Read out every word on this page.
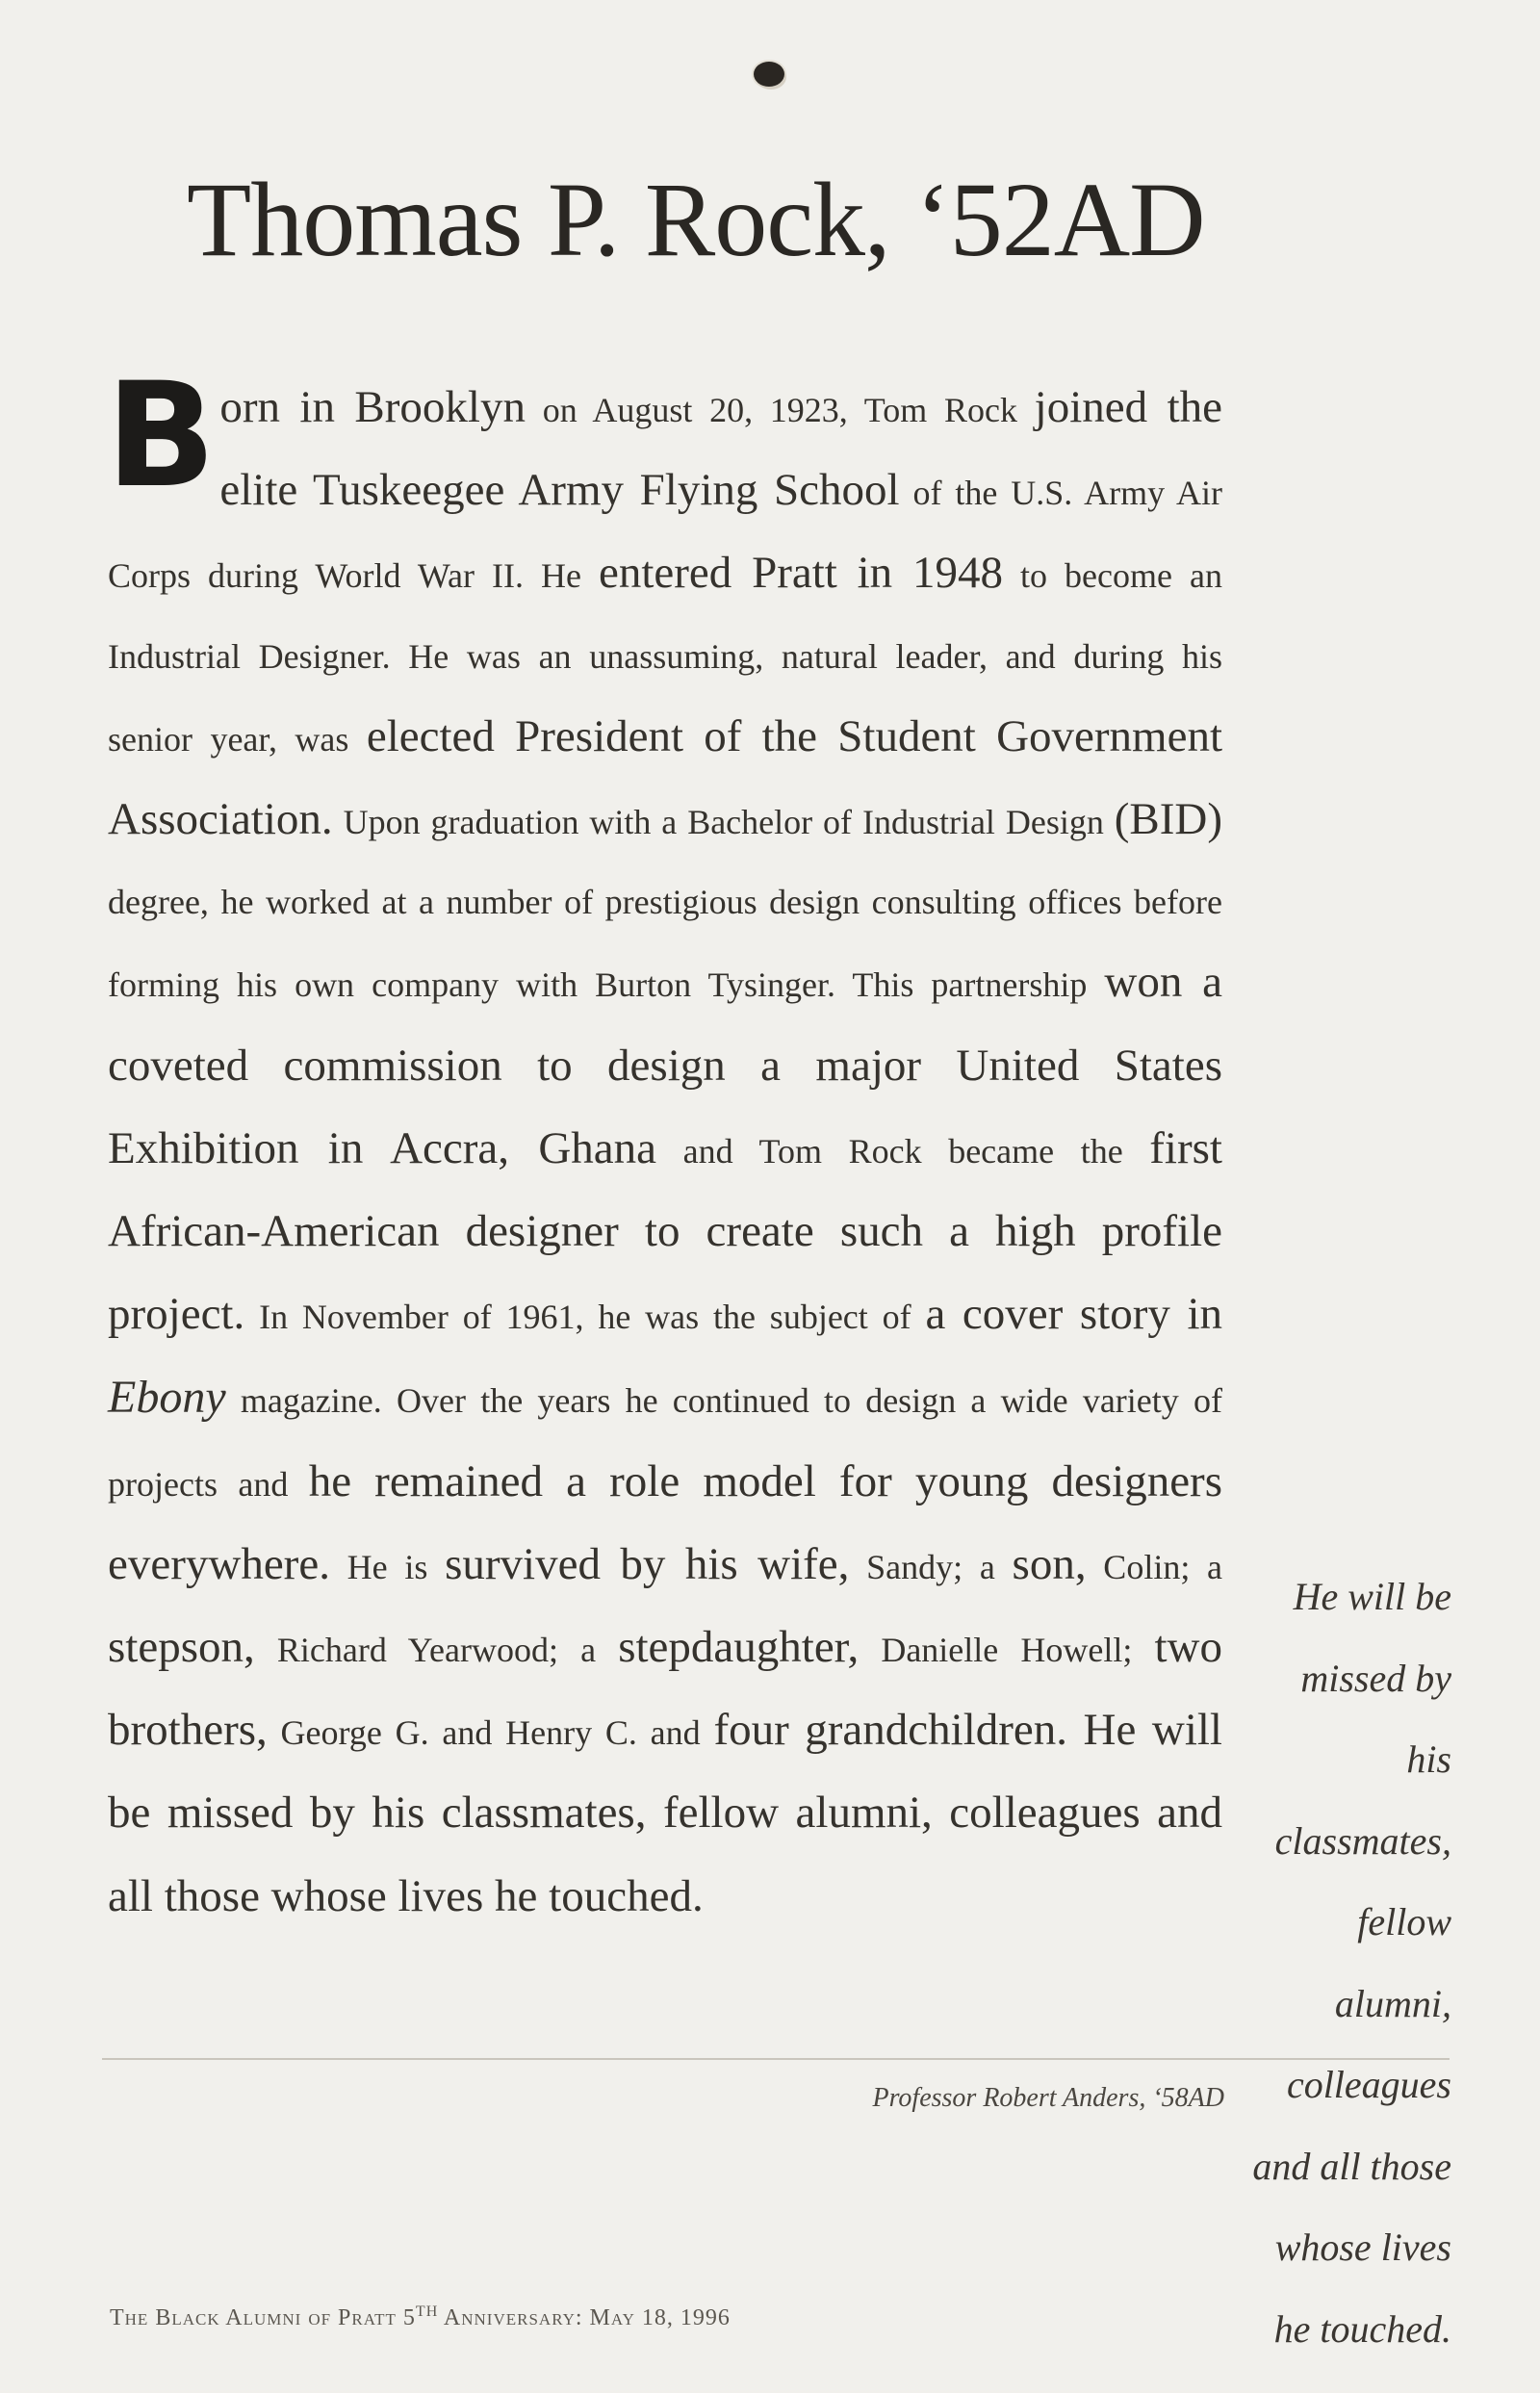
Thomas P. Rock, ‘52AD

Born in Brooklyn on August 20, 1923, Tom Rock joined the elite Tuskeegee Army Flying School of the U.S. Army Air Corps during World War II. He entered Pratt in 1948 to become an Industrial Designer. He was an unassuming, natural leader, and during his senior year, was elected President of the Student Government Association. Upon graduation with a Bachelor of Industrial Design (BID) degree, he worked at a number of prestigious design consulting offices before forming his own company with Burton Tysinger. This partnership won a coveted commission to design a major United States Exhibition in Accra, Ghana and Tom Rock became the first African-American designer to create such a high profile project. In November of 1961, he was the subject of a cover story in Ebony magazine. Over the years he continued to design a wide variety of projects and he remained a role model for young designers everywhere. He is survived by his wife, Sandy; a son, Colin; a stepson, Richard Yearwood; a stepdaughter, Danielle Howell; two brothers, George G. and Henry C. and four grandchildren. He will be missed by his classmates, fellow alumni, colleagues and all those whose lives he touched.

He will be missed by his classmates, fellow alumni, colleagues and all those whose lives he touched.

Professor Robert Anders, ‘58AD
The Black Alumni of Pratt 5TH Anniversary: May 18, 1996
